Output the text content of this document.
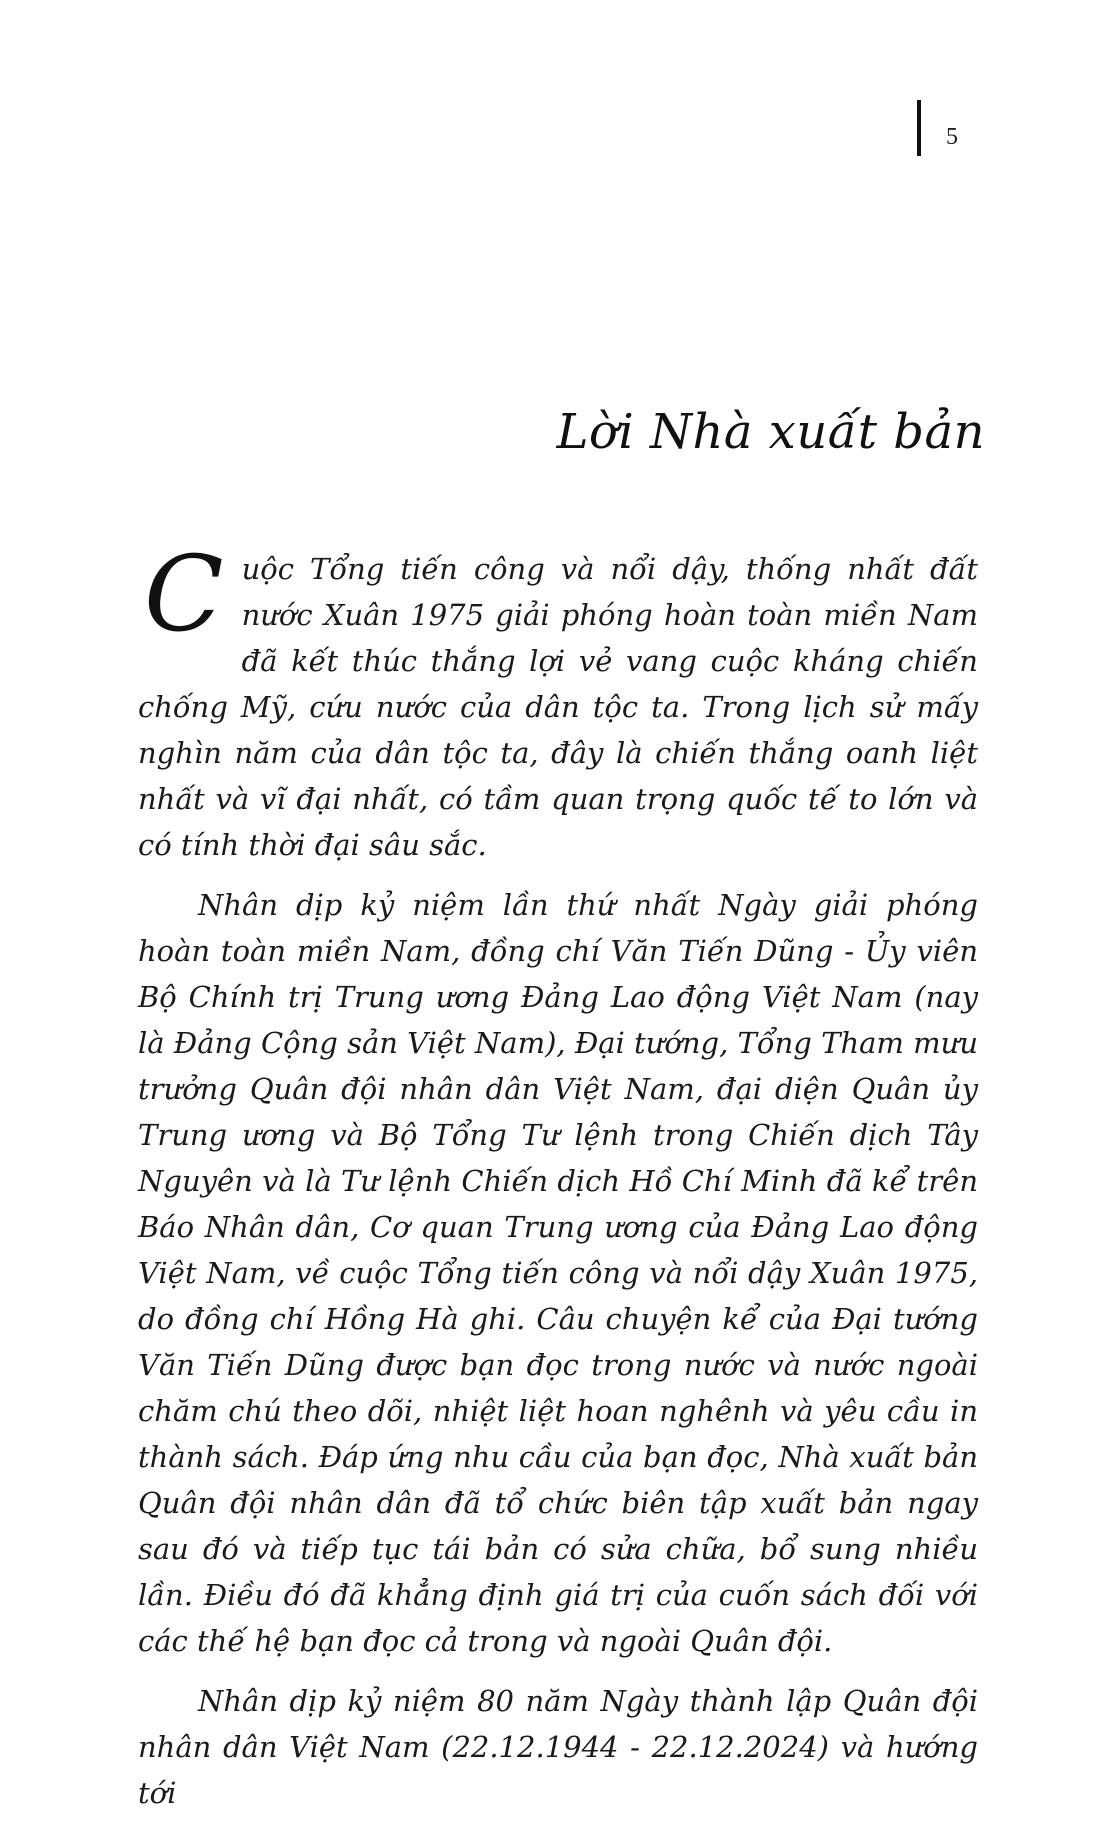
5
Lời Nhà xuất bản

Cuộc Tổng tiến công và nổi dậy, thống nhất đất nước Xuân 1975 giải phóng hoàn toàn miền Nam đã kết thúc thắng lợi vẻ vang cuộc kháng chiến chống Mỹ, cứu nước của dân tộc ta. Trong lịch sử mấy nghìn năm của dân tộc ta, đây là chiến thắng oanh liệt nhất và vĩ đại nhất, có tầm quan trọng quốc tế to lớn và có tính thời đại sâu sắc.

Nhân dịp kỷ niệm lần thứ nhất Ngày giải phóng hoàn toàn miền Nam, đồng chí Văn Tiến Dũng - Ủy viên Bộ Chính trị Trung ương Đảng Lao động Việt Nam (nay là Đảng Cộng sản Việt Nam), Đại tướng, Tổng Tham mưu trưởng Quân đội nhân dân Việt Nam, đại diện Quân ủy Trung ương và Bộ Tổng Tư lệnh trong Chiến dịch Tây Nguyên và là Tư lệnh Chiến dịch Hồ Chí Minh đã kể trên Báo Nhân dân, Cơ quan Trung ương của Đảng Lao động Việt Nam, về cuộc Tổng tiến công và nổi dậy Xuân 1975, do đồng chí Hồng Hà ghi. Câu chuyện kể của Đại tướng Văn Tiến Dũng được bạn đọc trong nước và nước ngoài chăm chú theo dõi, nhiệt liệt hoan nghênh và yêu cầu in thành sách. Đáp ứng nhu cầu của bạn đọc, Nhà xuất bản Quân đội nhân dân đã tổ chức biên tập xuất bản ngay sau đó và tiếp tục tái bản có sửa chữa, bổ sung nhiều lần. Điều đó đã khẳng định giá trị của cuốn sách đối với các thế hệ bạn đọc cả trong và ngoài Quân đội.

Nhân dịp kỷ niệm 80 năm Ngày thành lập Quân đội nhân dân Việt Nam (22.12.1944 - 22.12.2024) và hướng tới
